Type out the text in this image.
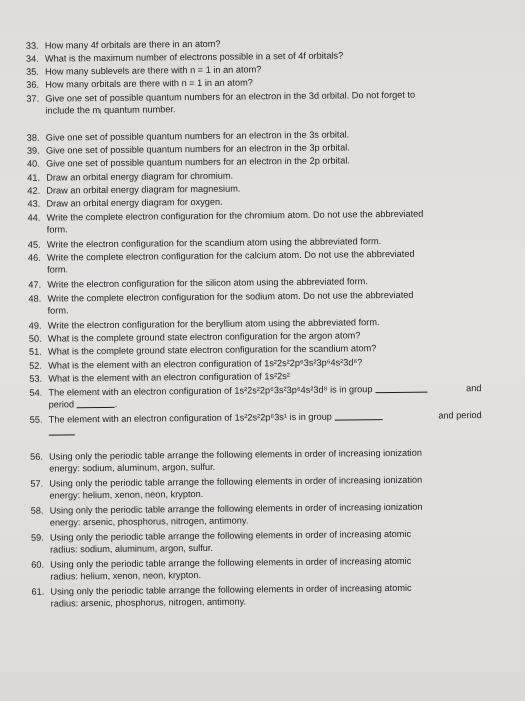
33. How many 4f orbitals are there in an atom?
34. What is the maximum number of electrons possible in a set of 4f orbitals?
35. How many sublevels are there with n = 1 in an atom?
36. How many orbitals are there with n = 1 in an atom?
37. Give one set of possible quantum numbers for an electron in the 3d orbital. Do not forget to
include the $m_l$ quantum number.
38. Give one set of possible quantum numbers for an electron in the 3s orbital.
39. Give one set of possible quantum numbers for an electron in the 3p orbital.
40. Give one set of possible quantum numbers for an electron in the 2p orbital.
41. Draw an orbital energy diagram for chromium.
42. Draw an orbital energy diagram for magnesium.
43. Draw an orbital energy diagram for oxygen.
44. Write the complete electron configuration for the chromium atom. Do not use the abbreviated
form.
45. Write the electron configuration for the scandium atom using the abbreviated form.
46. Write the complete electron configuration for the calcium atom. Do not use the abbreviated
form.
47. Write the electron configuration for the silicon atom using the abbreviated form.
48. Write the complete electron configuration for the sodium atom. Do not use the abbreviated
form.
49. Write the electron configuration for the beryllium atom using the abbreviated form.
50. What is the complete ground state electron configuration for the argon atom?
51. What is the complete ground state electron configuration for the scandium atom?
52. What is the element with an electron configuration of 1s²2s²2p⁶3s²3p⁶4s²3d⁶?
53. What is the element with an electron configuration of 1s²2s²
54. The element with an electron configuration of 1s²2s²2p⁶3s²3p⁶4s²3d⁸ is in group	and
period	.
55. The element with an electron configuration of 1s²2s²2p⁶3s¹ is in group	and period
56. Using only the periodic table arrange the following elements in order of increasing ionization
energy: sodium, aluminum, argon, sulfur.
57. Using only the periodic table arrange the following elements in order of increasing ionization
energy: helium, xenon, neon, krypton.
58. Using only the periodic table arrange the following elements in order of increasing ionization
energy: arsenic, phosphorus, nitrogen, antimony.
59. Using only the periodic table arrange the following elements in order of increasing atomic
radius: sodium, aluminum, argon, sulfur.
60. Using only the periodic table arrange the following elements in order of increasing atomic
radius: helium, xenon, neon, krypton.
61. Using only the periodic table arrange the following elements in order of increasing atomic
radius: arsenic, phosphorus, nitrogen, antimony.
